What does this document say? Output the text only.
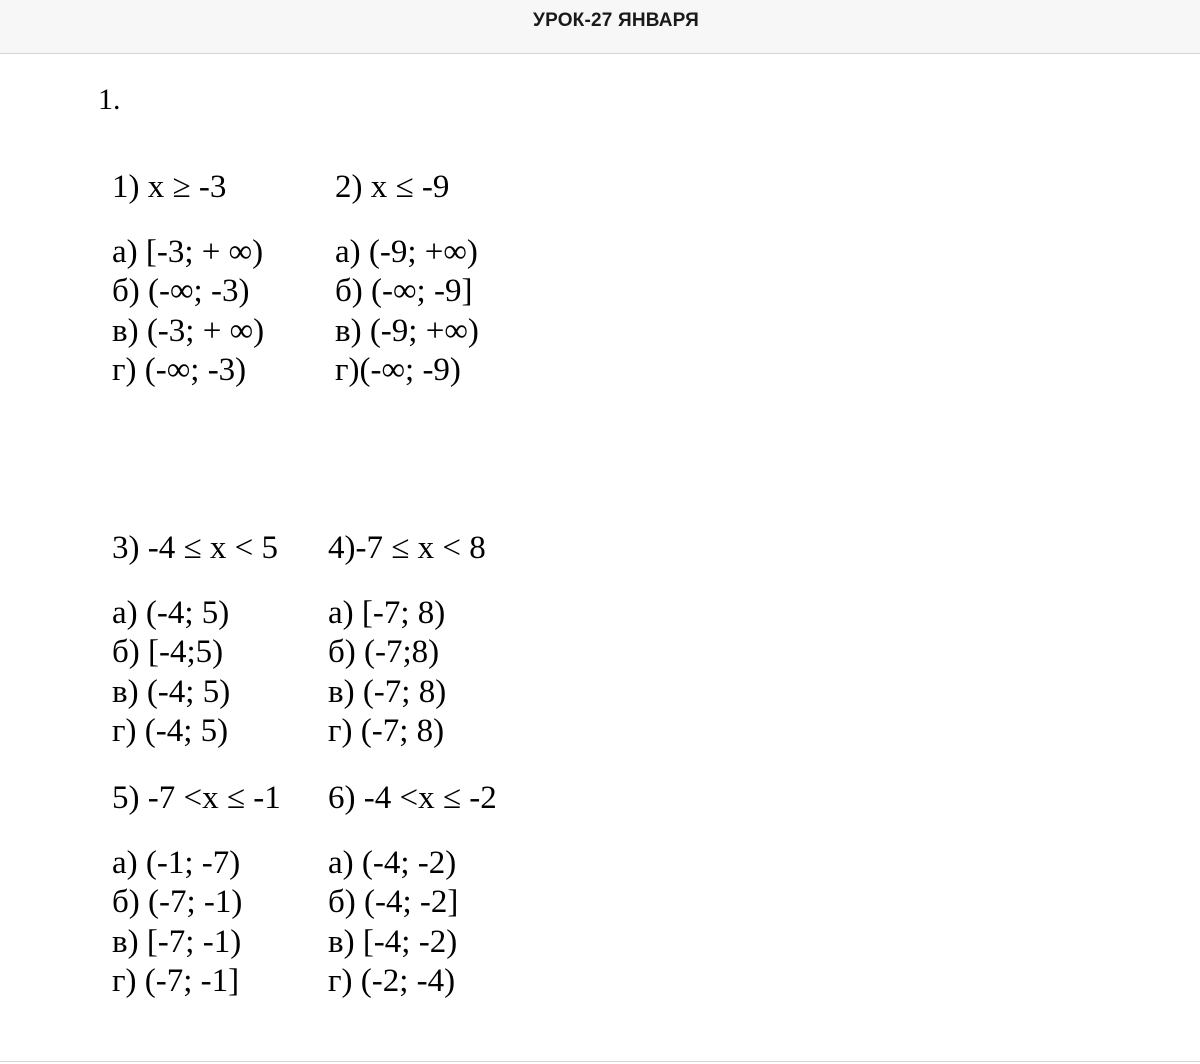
УРОК-27 ЯНВАРЯ
1.
1) x ≥ -3
а) [-3; + ∞)
б) (-∞; -3)
в) (-3; + ∞)
г) (-∞; -3)
2) x ≤ -9
а) (-9; +∞)
б) (-∞; -9]
в) (-9; +∞)
г)(-∞; -9)
3) -4 ≤ x < 5
а) (-4; 5)
б) [-4;5)
в) (-4; 5)
г) (-4; 5)
4)-7 ≤ x < 8
а) [-7; 8)
б) (-7;8)
в) (-7; 8)
г) (-7; 8)
5) -7 <x ≤ -1
а) (-1; -7)
б) (-7; -1)
в) [-7; -1)
г) (-7; -1]
6) -4 <x ≤ -2
а) (-4; -2)
б) (-4; -2]
в) [-4; -2)
г) (-2; -4)
